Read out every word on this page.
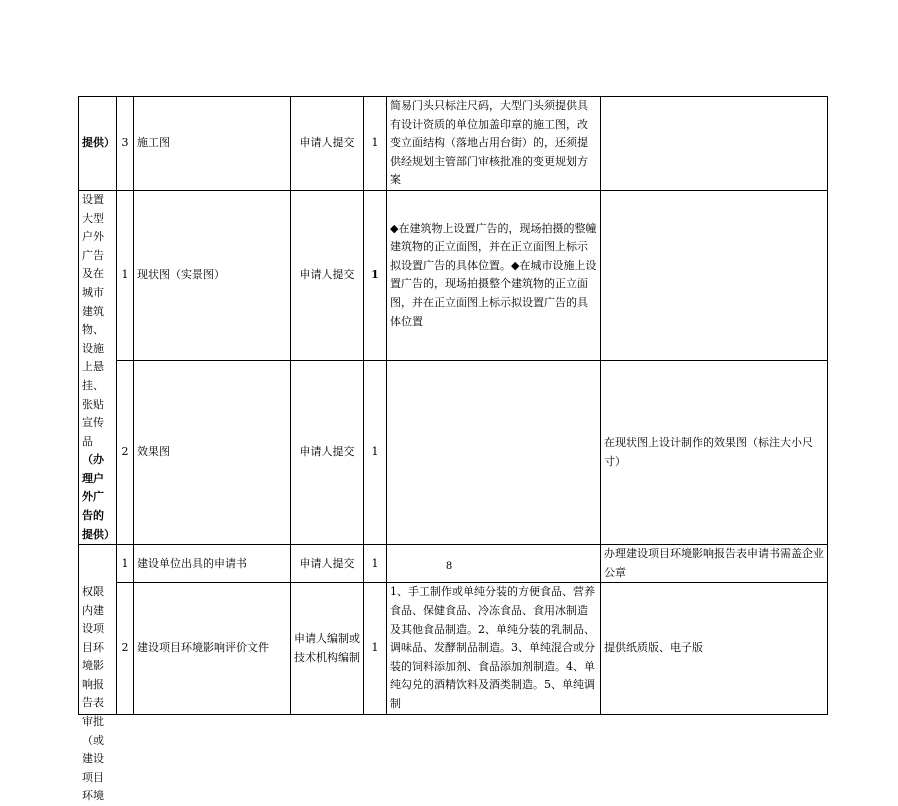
提供）	3	施工图	申请人提交	1	简易门头只标注尺码，大型门头须提供具有设计资质的单位加盖印章的施工图，改变立面结构（落地占用台街）的，还须提供经规划主管部门审核批准的变更规划方案	
设置大型户外广告及在城市建筑物、设施上悬挂、张贴宣传品（办理户外广告的提供）	1	现状图（实景图）	申请人提交	1	◆在建筑物上设置广告的，现场拍摄的整幢建筑物的正立面图，并在正立面图上标示拟设置广告的具体位置。◆在城市设施上设置广告的，现场拍摄整个建筑物的正立面图，并在正立面图上标示拟设置广告的具体位置	
	2	效果图	申请人提交	1		在现状图上设计制作的效果图（标注大小尺寸）

权限内建设项目环境影响报告表审批（或建设项目环境	1	建设单位出具的申请书	申请人提交	1		办理建设项目环境影响报告表申请书需盖企业公章
	2	建设项目环境影响评价文件	申请人编制或技术机构编制	1	1、手工制作或单纯分装的方便食品、营养食品、保健食品、冷冻食品、食用冰制造及其他食品制造。2、单纯分装的乳制品、调味品、发酵制品制造。3、单纯混合或分装的饲料添加剂、食品添加剂制造。4、单纯勾兑的酒精饮料及酒类制造。5、单纯调制	提供纸质版、电子版
8
